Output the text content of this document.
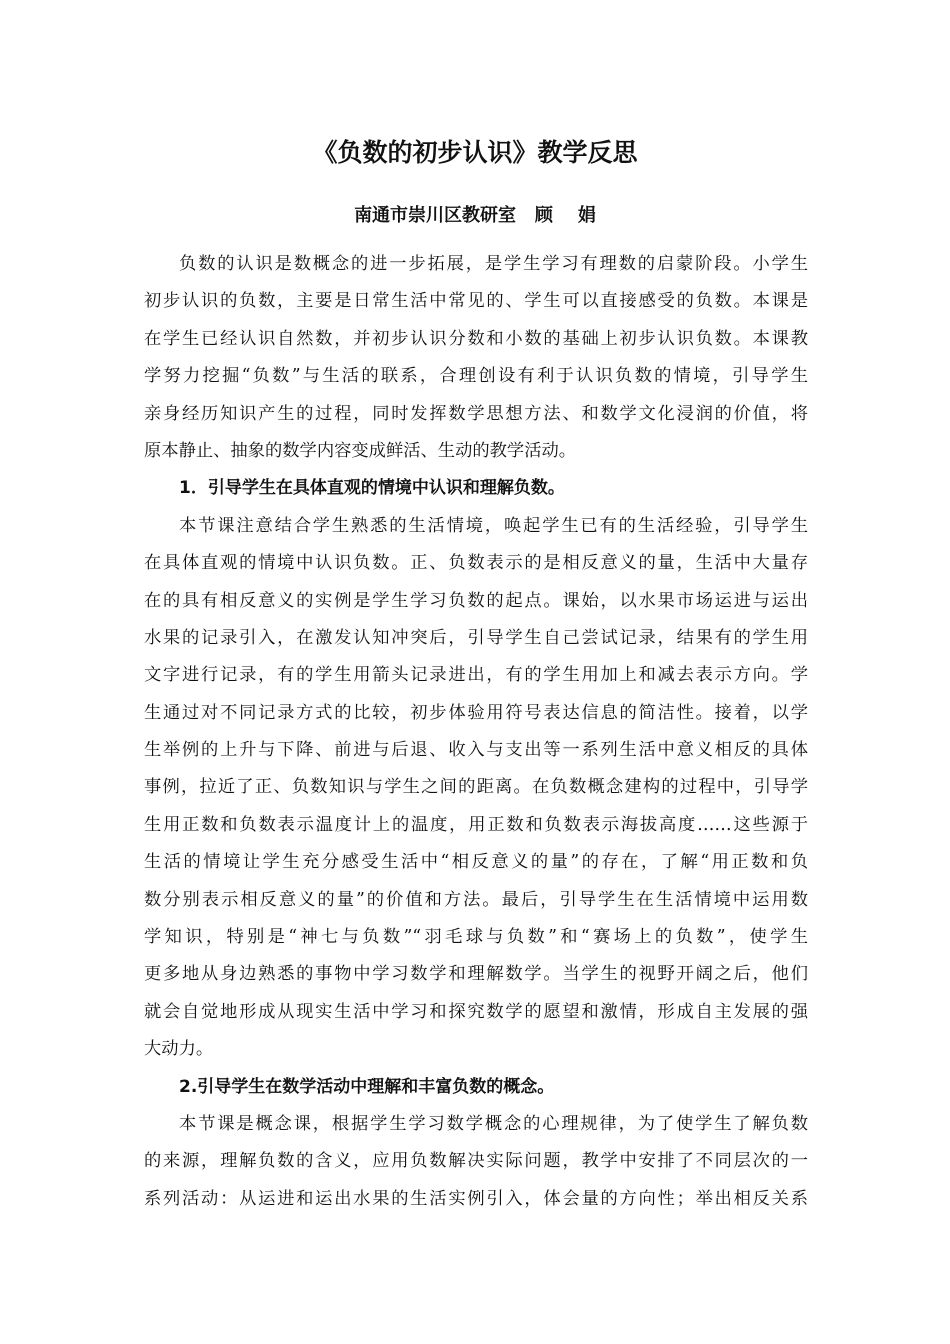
《负数的初步认识》教学反思
南通市崇川区教研室   顾    娟
负数的认识是数概念的进一步拓展，是学生学习有理数的启蒙阶段。小学生
初步认识的负数，主要是日常生活中常见的、学生可以直接感受的负数。本课是
在学生已经认识自然数，并初步认识分数和小数的基础上初步认识负数。本课教
学努力挖掘“负数”与生活的联系，合理创设有利于认识负数的情境，引导学生
亲身经历知识产生的过程，同时发挥数学思想方法、和数学文化浸润的价值，将
原本静止、抽象的数学内容变成鲜活、生动的教学活动。
1．引导学生在具体直观的情境中认识和理解负数。
本节课注意结合学生熟悉的生活情境，唤起学生已有的生活经验，引导学生
在具体直观的情境中认识负数。正、负数表示的是相反意义的量，生活中大量存
在的具有相反意义的实例是学生学习负数的起点。课始，以水果市场运进与运出
水果的记录引入，在激发认知冲突后，引导学生自己尝试记录，结果有的学生用
文字进行记录，有的学生用箭头记录进出，有的学生用加上和减去表示方向。学
生通过对不同记录方式的比较，初步体验用符号表达信息的简洁性。接着，以学
生举例的上升与下降、前进与后退、收入与支出等一系列生活中意义相反的具体
事例，拉近了正、负数知识与学生之间的距离。在负数概念建构的过程中，引导学
生用正数和负数表示温度计上的温度，用正数和负数表示海拔高度……这些源于
生活的情境让学生充分感受生活中“相反意义的量”的存在，了解“用正数和负
数分别表示相反意义的量”的价值和方法。最后，引导学生在生活情境中运用数
学知识，特别是“神七与负数”“羽毛球与负数”和“赛场上的负数”，使学生
更多地从身边熟悉的事物中学习数学和理解数学。当学生的视野开阔之后，他们
就会自觉地形成从现实生活中学习和探究数学的愿望和激情，形成自主发展的强
大动力。
2.引导学生在数学活动中理解和丰富负数的概念。
本节课是概念课，根据学生学习数学概念的心理规律，为了使学生了解负数
的来源，理解负数的含义，应用负数解决实际问题，教学中安排了不同层次的一
系列活动：从运进和运出水果的生活实例引入，体会量的方向性；举出相反关系
